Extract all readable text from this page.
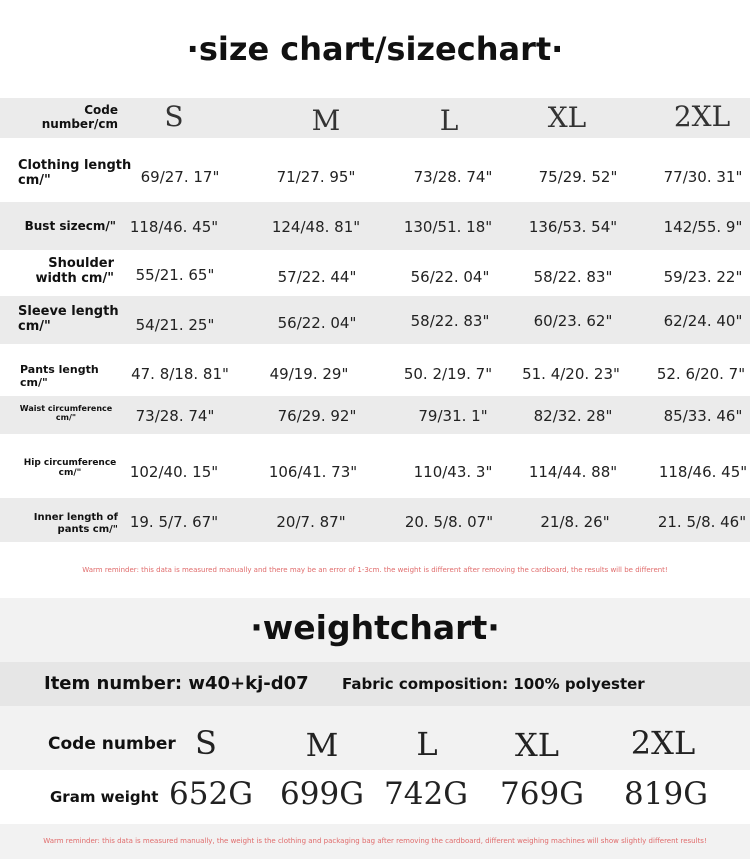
·size chart/sizechart·
Code number/cm	S	M	L	XL	2XL
Clothing length cm/"	69/27. 17"	71/27. 95"	73/28. 74"	75/29. 52"	77/30. 31"
Bust sizecm/" 118/46. 45"	124/48. 81"	130/51. 18"	136/53. 54"	142/55. 9"
Shoulder width cm/"	55/21. 65"	57/22. 44"	56/22. 04"	58/22. 83"	59/23. 22"
Sleeve length cm/"	54/21. 25"	56/22. 04"	58/22. 83"	60/23. 62"	62/24. 40"
Pants length cm/"	47. 8/18. 81"	49/19. 29"	50. 2/19. 7"	51. 4/20. 23"	52. 6/20. 7"
Waist circumference cm/"	73/28. 74"	76/29. 92"	79/31. 1"	82/32. 28"	85/33. 46"
Hip circumference cm/"	102/40. 15"	106/41. 73"	110/43. 3"	114/44. 88"	118/46. 45"
Inner length of pants cm/" 19. 5/7. 67"	20/7. 87"	20. 5/8. 07"	21/8. 26"	21. 5/8. 46"
Warm reminder: this data is measured manually and there may be an error of 1-3cm. the weight is different after removing the cardboard, the results will be different!
·weightchart·
Item number: w40+kj-d07 Fabric composition: 100% polyester
Code number S	M	L	XL	2XL
Gram weight 652G 699G 742G	769G	819G
Warm reminder: this data is measured manually, the weight is the clothing and packaging bag after removing the cardboard, different weighing machines will show slightly different results!
